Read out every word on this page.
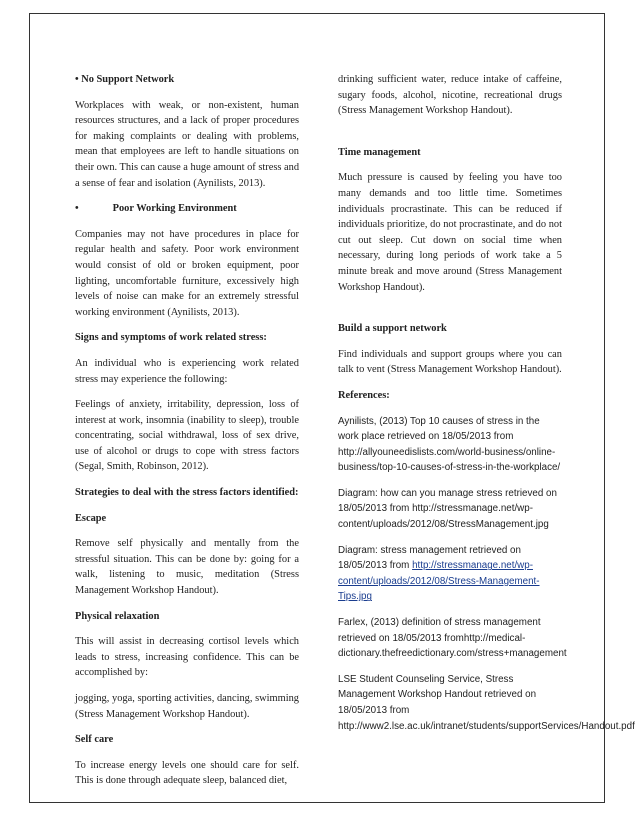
• No Support Network

Workplaces with weak, or non-existent, human resources structures, and a lack of proper procedures for making complaints or dealing with problems, mean that employees are left to handle situations on their own. This can cause a huge amount of stress and a sense of fear and isolation (Aynilists, 2013).

•	Poor Working Environment

Companies may not have procedures in place for regular health and safety. Poor work environment would consist of old or broken equipment, poor lighting, uncomfortable furniture, excessively high levels of noise can make for an extremely stressful working environment (Aynilists, 2013).

Signs and symptoms of work related stress:

An individual who is experiencing work related stress may experience the following:

Feelings of anxiety, irritability, depression, loss of interest at work, insomnia (inability to sleep), trouble concentrating, social withdrawal, loss of sex drive, use of alcohol or drugs to cope with stress factors (Segal, Smith, Robinson, 2012).

Strategies to deal with the stress factors identified:
Escape

Remove self physically and mentally from the stressful situation. This can be done by: going for a walk, listening to music, meditation (Stress Management Workshop Handout).

Physical relaxation

This will assist in decreasing cortisol levels which leads to stress, increasing confidence. This can be accomplished by:

jogging, yoga, sporting activities, dancing, swimming (Stress Management Workshop Handout).

Self care

To increase energy levels one should care for self. This is done through adequate sleep, balanced diet,

drinking sufficient water, reduce intake of caffeine, sugary foods, alcohol, nicotine, recreational drugs (Stress Management Workshop Handout).

Time management

Much pressure is caused by feeling you have too many demands and too little time. Sometimes individuals procrastinate. This can be reduced if individuals prioritize, do not procrastinate, and do not cut out sleep. Cut down on social time when necessary, during long periods of work take a 5 minute break and move around (Stress Management Workshop Handout).

Build a support network

Find individuals and support groups where you can talk to vent (Stress Management Workshop Handout).

References:

Aynilists, (2013) Top 10 causes of stress in the work place retrieved on 18/05/2013 from http://allyouneedislists.com/world-business/online-business/top-10-causes-of-stress-in-the-workplace/

Diagram: how can you manage stress retrieved on 18/05/2013 from http://stressmanage.net/wp-content/uploads/2012/08/StressManagement.jpg

Diagram: stress management retrieved on 18/05/2013 from http://stressmanage.net/wp-content/uploads/2012/08/Stress-Management-Tips.jpg

Farlex, (2013) definition of stress management retrieved on 18/05/2013 fromhttp://medical-dictionary.thefreedictionary.com/stress+management

LSE Student Counseling Service, Stress Management Workshop Handout retrieved on 18/05/2013 from http://www2.lse.ac.uk/intranet/students/supportServices/Handout.pdf
